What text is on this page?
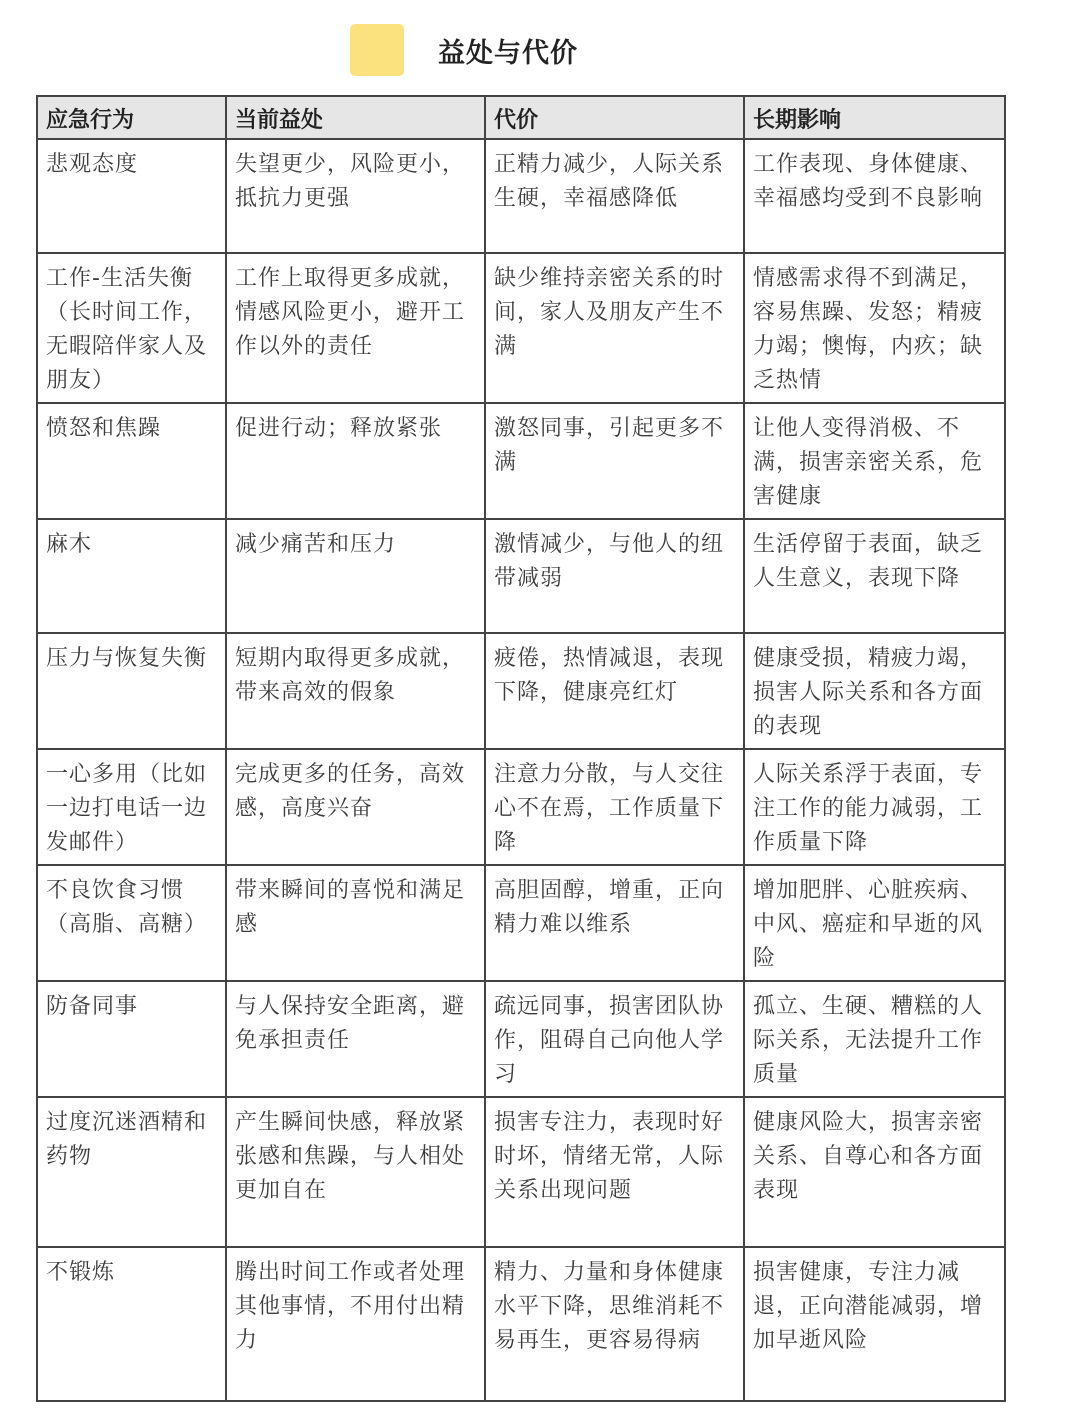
益处与代价
应急行为	当前益处	代价	长期影响
悲观态度	失望更少，风险更小，抵抗力更强	正精力减少，人际关系生硬，幸福感降低	工作表现、身体健康、幸福感均受到不良影响
工作-生活失衡（长时间工作，无暇陪伴家人及朋友）	工作上取得更多成就，情感风险更小，避开工作以外的责任	缺少维持亲密关系的时间，家人及朋友产生不满	情感需求得不到满足，容易焦躁、发怒；精疲力竭；懊悔，内疚；缺乏热情
愤怒和焦躁	促进行动；释放紧张	激怒同事，引起更多不满	让他人变得消极、不满，损害亲密关系，危害健康
麻木	减少痛苦和压力	激情减少，与他人的纽带减弱	生活停留于表面，缺乏人生意义，表现下降
压力与恢复失衡	短期内取得更多成就，带来高效的假象	疲倦，热情减退，表现下降，健康亮红灯	健康受损，精疲力竭，损害人际关系和各方面的表现
一心多用（比如一边打电话一边发邮件）	完成更多的任务，高效感，高度兴奋	注意力分散，与人交往心不在焉，工作质量下降	人际关系浮于表面，专注工作的能力减弱，工作质量下降
不良饮食习惯（高脂、高糖）	带来瞬间的喜悦和满足感	高胆固醇，增重，正向精力难以维系	增加肥胖、心脏疾病、中风、癌症和早逝的风险
防备同事	与人保持安全距离，避免承担责任	疏远同事，损害团队协作，阻碍自己向他人学习	孤立、生硬、糟糕的人际关系，无法提升工作质量
过度沉迷酒精和药物	产生瞬间快感，释放紧张感和焦躁，与人相处更加自在	损害专注力，表现时好时坏，情绪无常，人际关系出现问题	健康风险大，损害亲密关系、自尊心和各方面表现
不锻炼	腾出时间工作或者处理其他事情，不用付出精力	精力、力量和身体健康水平下降，思维消耗不易再生，更容易得病	损害健康，专注力减退，正向潜能减弱，增加早逝风险
